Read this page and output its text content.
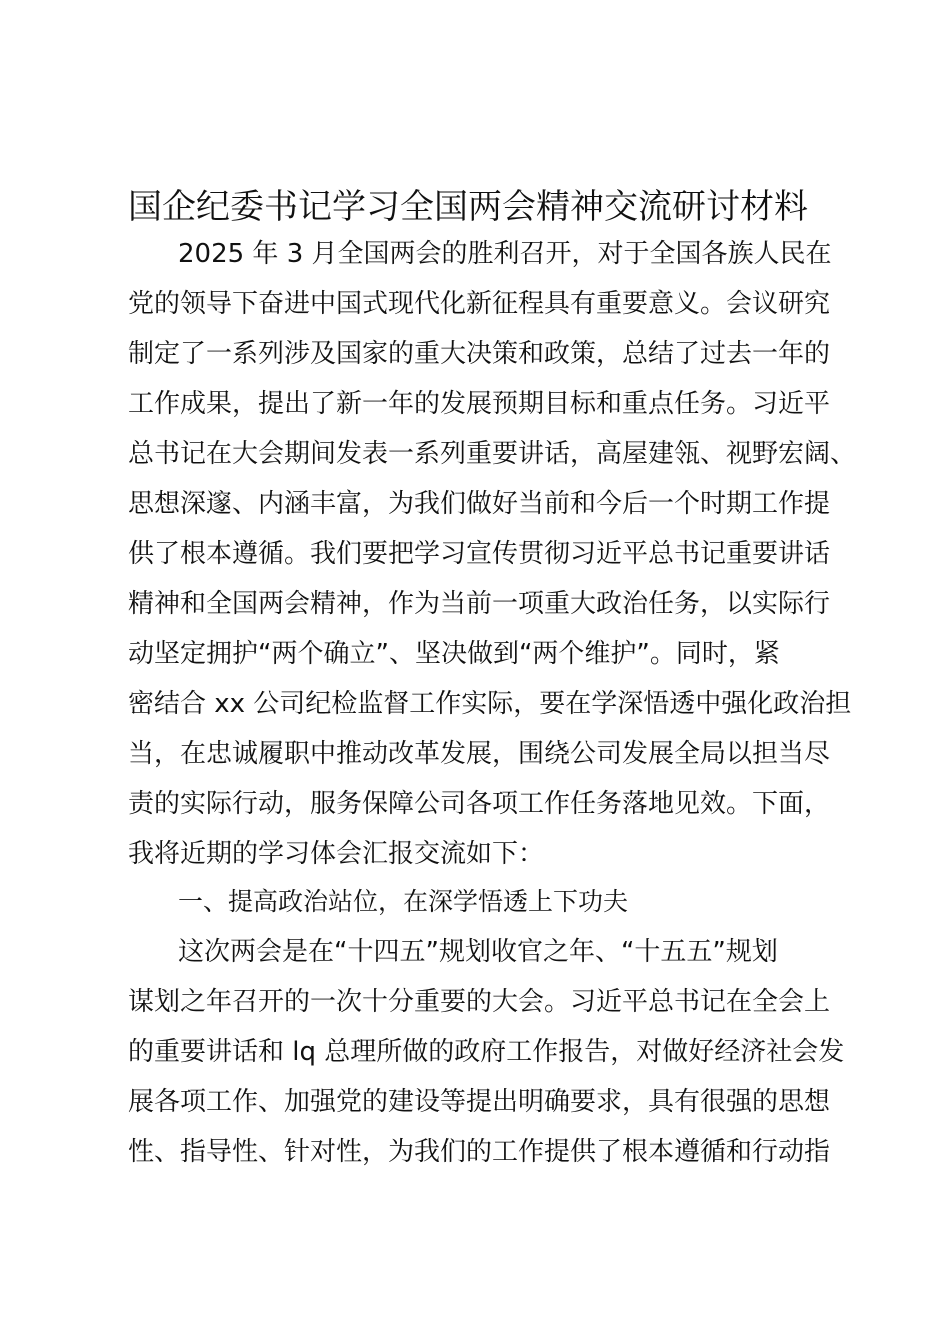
国企纪委书记学习全国两会精神交流研讨材料

2025 年 3 月全国两会的胜利召开，对于全国各族人民在

党的领导下奋进中国式现代化新征程具有重要意义。会议研究

制定了一系列涉及国家的重大决策和政策，总结了过去一年的

工作成果，提出了新一年的发展预期目标和重点任务。习近平

总书记在大会期间发表一系列重要讲话，高屋建瓴、视野宏阔、

思想深邃、内涵丰富，为我们做好当前和今后一个时期工作提

供了根本遵循。我们要把学习宣传贯彻习近平总书记重要讲话

精神和全国两会精神，作为当前一项重大政治任务，以实际行

动坚定拥护“两个确立”、坚决做到“两个维护”。同时，紧

密结合 xx 公司纪检监督工作实际，要在学深悟透中强化政治担

当，在忠诚履职中推动改革发展，围绕公司发展全局以担当尽

责的实际行动，服务保障公司各项工作任务落地见效。下面，

我将近期的学习体会汇报交流如下：

一、提高政治站位，在深学悟透上下功夫

这次两会是在“十四五”规划收官之年、“十五五”规划

谋划之年召开的一次十分重要的大会。习近平总书记在全会上

的重要讲话和 lq 总理所做的政府工作报告，对做好经济社会发

展各项工作、加强党的建设等提出明确要求，具有很强的思想

性、指导性、针对性，为我们的工作提供了根本遵循和行动指
